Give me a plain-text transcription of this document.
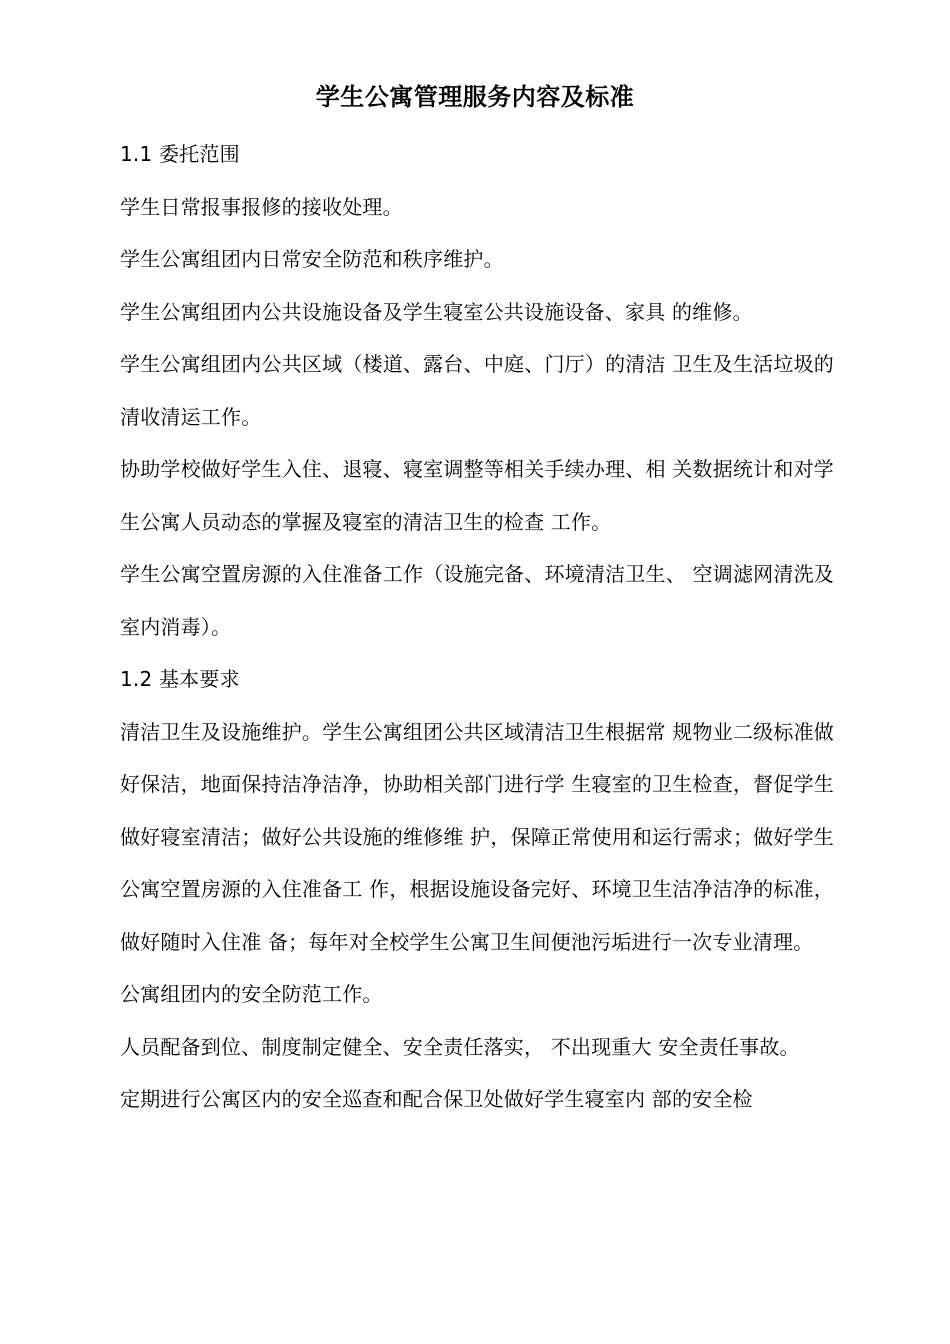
学生公寓管理服务内容及标准

1.1 委托范围

学生日常报事报修的接收处理。

学生公寓组团内日常安全防范和秩序维护。

学生公寓组团内公共设施设备及学生寝室公共设施设备、家具 的维修。

学生公寓组团内公共区域（楼道、露台、中庭、门厅）的清洁 卫生及生活垃圾的清收清运工作。

协助学校做好学生入住、退寝、寝室调整等相关手续办理、相 关数据统计和对学生公寓人员动态的掌握及寝室的清洁卫生的检查 工作。

学生公寓空置房源的入住准备工作（设施完备、环境清洁卫生、 空调滤网清洗及室内消毒）。

1.2 基本要求

清洁卫生及设施维护。学生公寓组团公共区域清洁卫生根据常 规物业二级标准做好保洁，地面保持洁净洁净，协助相关部门进行学 生寝室的卫生检查，督促学生做好寝室清洁；做好公共设施的维修维 护，保障正常使用和运行需求；做好学生公寓空置房源的入住准备工 作，根据设施设备完好、环境卫生洁净洁净的标准，做好随时入住准 备；每年对全校学生公寓卫生间便池污垢进行一次专业清理。

公寓组团内的安全防范工作。

人员配备到位、制度制定健全、安全责任落实， 不出现重大 安全责任事故。

定期进行公寓区内的安全巡查和配合保卫处做好学生寝室内 部的安全检
